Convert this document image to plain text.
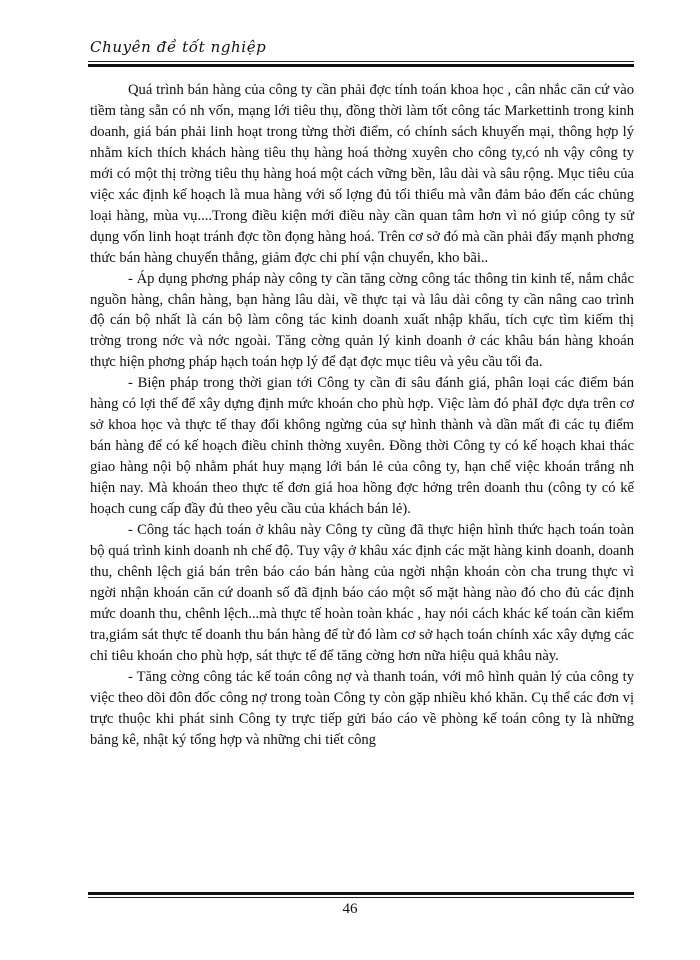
Chuyên đề tốt nghiệp

Quá trình bán hàng của công ty cần phải đợc tính toán khoa học , cân nhắc căn cứ vào tiềm tàng sẵn có nh vốn, mạng lới tiêu thụ, đồng thời làm tốt công tác Markettinh trong kinh doanh, giá bán phải linh hoạt trong từng thời điểm, có chính sách khuyến mại, thông hợp lý nhằm kích thích khách hàng tiêu thụ hàng hoá thờng xuyên cho công ty,có nh vậy công ty mới có một thị trờng tiêu thụ hàng hoá một cách vững bền, lâu dài và sâu rộng. Mục tiêu của việc xác định kế hoạch là mua hàng với số lợng đủ tối thiểu mà vẫn đảm bảo đến các chủng loại hàng, mùa vụ....Trong điều kiện mới điều này cần quan tâm hơn vì nó giúp công ty sử dụng vốn linh hoạt tránh đợc tồn đọng hàng hoá. Trên cơ sở đó mà cần phải đẩy mạnh phơng thức bán hàng chuyển thẳng, giảm đợc chi phí vận chuyển, kho bãi..

- Áp dụng phơng pháp này công ty cần tăng cờng công tác thông tin kinh tế, nắm chắc nguồn hàng, chân hàng, bạn hàng lâu dài, về thực tại và lâu dài công ty cần nâng cao trình độ cán bộ nhất là cán bộ làm công tác kinh doanh xuất nhập khẩu, tích cực tìm kiếm thị trờng trong nớc và nớc ngoài. Tăng cờng quản lý kinh doanh ở các khâu bán hàng khoán thực hiện phơng pháp hạch toán hợp lý để đạt đợc mục tiêu và yêu cầu tối đa.

- Biện pháp trong thời gian tới Công ty cần đi sâu đánh giá, phân loại các điểm bán hàng có lợi thế để xây dựng định mức khoán cho phù hợp. Việc làm đó phảI đợc dựa trên cơ sở khoa học và thực tế thay đổi không ngừng của sự hình thành và dần mất đi các tụ điểm bán hàng để có kế hoạch điều chỉnh thờng xuyên. Đồng thời Công ty có kế hoạch khai thác giao hàng nội bộ nhằm phát huy mạng lới bán lẻ của công ty, hạn chế việc khoán trắng nh hiện nay. Mà khoán theo thực tế đơn giá hoa hồng đợc hởng trên doanh thu (công ty có kế hoạch cung cấp đầy đủ theo yêu cầu của khách bán lẻ).

- Công tác hạch toán ở khâu này Công ty cũng đã thực hiện hình thức hạch toán toàn bộ quá trình kinh doanh nh chế độ. Tuy vậy ở khâu xác định các mặt hàng kinh doanh, doanh thu, chênh lệch giá bán trên báo cáo bán hàng của ngời nhận khoán còn cha trung thực vì ngời nhận khoán căn cứ doanh số đã định báo cáo một số mặt hàng nào đó cho đủ các định mức doanh thu, chênh lệch...mà thực tế hoàn toàn khác , hay nói cách khác kế toán cần kiểm tra,giám sát thực tế doanh thu bán hàng để từ đó làm cơ sở hạch toán chính xác xây dựng các chỉ tiêu khoán cho phù hợp, sát thực tế để tăng cờng hơn nữa hiệu quả khâu này.

- Tăng cờng công tác kế toán công nợ và thanh toán, với mô hình quản lý của công ty việc theo dõi đôn đốc công nợ trong toàn Công ty còn gặp nhiều khó khăn. Cụ thể các đơn vị trực thuộc khi phát sinh Công ty trực tiếp gửi báo cáo về phòng kế toán công ty là những bảng kê, nhật ký tổng hợp và những chi tiết công

46
